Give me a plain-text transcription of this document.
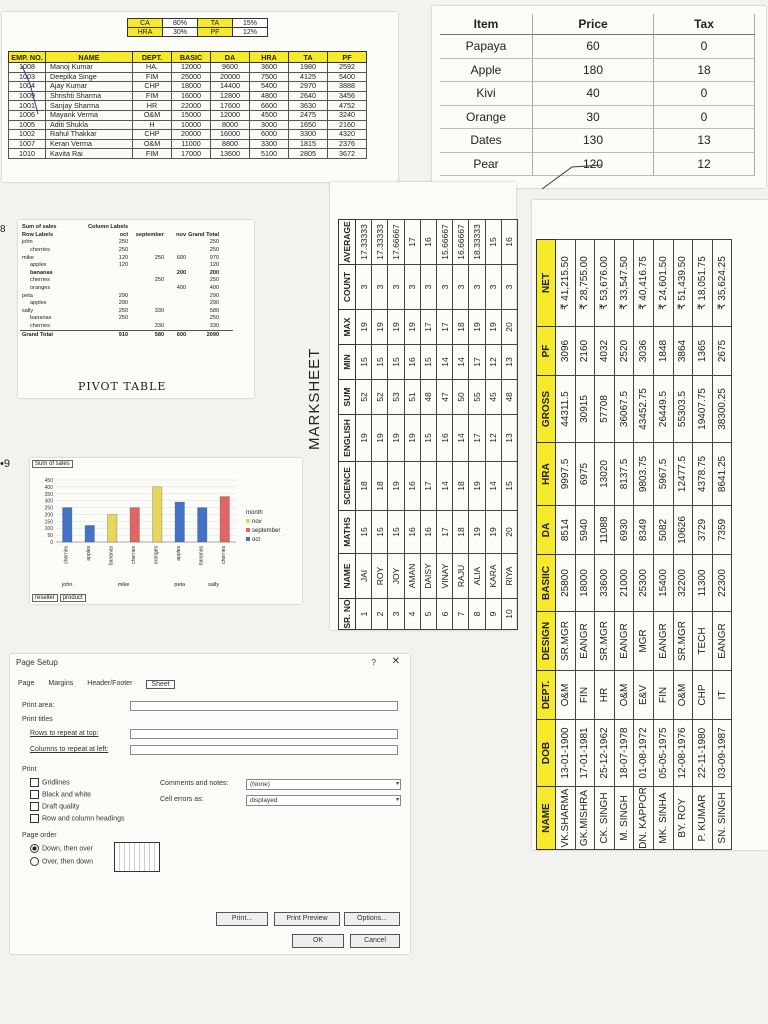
CA	80%	TA	15%
HRA	30%	PF	12%
EMP. NO.	NAME	DEPT.	BASIC	DA	HRA	TA	PF
1008	Manoj Kumar	HA.	12000	9600	3600	1980	2592
1003	Deepika Singe	FIM	25000	20000	7500	4125	5400
1004	Ajay Kumar	CHP	18000	14400	5400	2970	3888
1009	Shrishti Sharma	FIM	16000	12800	4800	2640	3456
1001	Sanjay Sharma	HR	22000	17600	6600	3630	4752
1006	Mayank Verma	O&M	15000	12000	4500	2475	3240
1005	Aditi Shukla	H	10000	8000	3000	1650	2160
1002	Rahul Thakkar	CHP	20000	16000	6000	3300	4320
1007	Keran Verma	O&M	11000	8800	3300	1815	2376
1010	Kavita Rai	FIM	17000	13600	5100	2805	3672
Item	Price	Tax
Papaya	60	0
Apple	180	18
Kivi	40	0
Orange	30	0
Dates	130	13
Pear	120	12
8
•9
Sum of sales	Column Labels				
Row Labels	oct	september	nov	Grand Total	
john	250			250	
cherries	250			250	
mike	120	250	600	970	
apples	120			120	
bananas			200	200	
cherries		250		250	
oranges			400	400	
peta	290			290	
apples	290			290	
sally	250	330		580	
bananas	250			250	
cherries		330		330	
Grand Total	910	580	600	2090	
PIVOT TABLE
SR. NO	NAME	MATHS	SCIENCE	ENGLISH	SUM	MIN	MAX	COUNT	AVERAGE
1	JAI	15	18	19	52	15	19	3	17.33333
2	ROY	15	18	19	52	15	19	3	17.33333
3	JOY	15	19	19	53	15	19	3	17.66667
4	AMAN	16	16	19	51	16	19	3	17
5	DAISY	16	17	15	48	15	17	3	16
6	VINAY	17	14	16	47	14	17	3	15.66667
7	RAJU	18	18	14	50	14	18	3	16.66667
8	ALIA	19	19	17	55	17	19	3	18.33333
9	KARA	19	14	12	45	12	19	3	15
10	RIYA	20	15	13	48	13	20	3	16
MARKSHEET
NAME	DOB	DEPT.	DESIGN	BASIIC	DA	HRA	GROSS	PF	NET
VK.SHARMA	13-01-1900	O&M	SR.MGR	25800	8514	9997.5	44311.5	3096	₹ 41,215.50
GK.MISHRA	17-01-1981	FIN	EANGR	18000	5940	6975	30915	2160	₹ 28,755.00
CK. SINGH	25-12-1962	HR	SR.MGR	33600	11088	13020	57708	4032	₹ 53,676.00
M. SINGH	18-07-1978	O&M	EANGR	21000	6930	8137.5	36067.5	2520	₹ 33,547.50
DN. KAPPOR	01-08-1972	E&V	MGR	25300	8349	9803.75	43452.75	3036	₹ 40,416.75
MK. SINHA	05-05-1975	FIN	EANGR	15400	5082	5967.5	26449.5	1848	₹ 24,601.50
BY. ROY	12-08-1976	O&M	SR.MGR	32200	10626	12477.5	55303.5	3864	₹ 51,439.50
P. KUMAR	22-11-1980	CHP	TECH	11300	3729	4378.75	19407.75	1365	₹ 18,051.75
SN. SINGH	03-09-1987	IT	EANGR	22300	7359	8641.25	38300.25	2675	₹ 35,624.25
Sum of sales
0
50
100
150
200
250
300
350
400
450
cherries	apples	bananas	cherries	oranges	apples	bananas	cherries
john	mike	peta	sally
month
nov
september
oct
reseller	product
Page Setup	? ✕
Page Margins Header/Footer	Sheet
Print area:
Print titles
Rows to repeat at top:
Columns to repeat at left:
Print
Gridlines
Black and white
Draft quality
Row and column headings
Comments and notes:	(None)	▾
Cell errors as:	displayed	▾
Page order
Down, then over
Over, then down
Print...	Print Preview	Options...
OK	Cancel
